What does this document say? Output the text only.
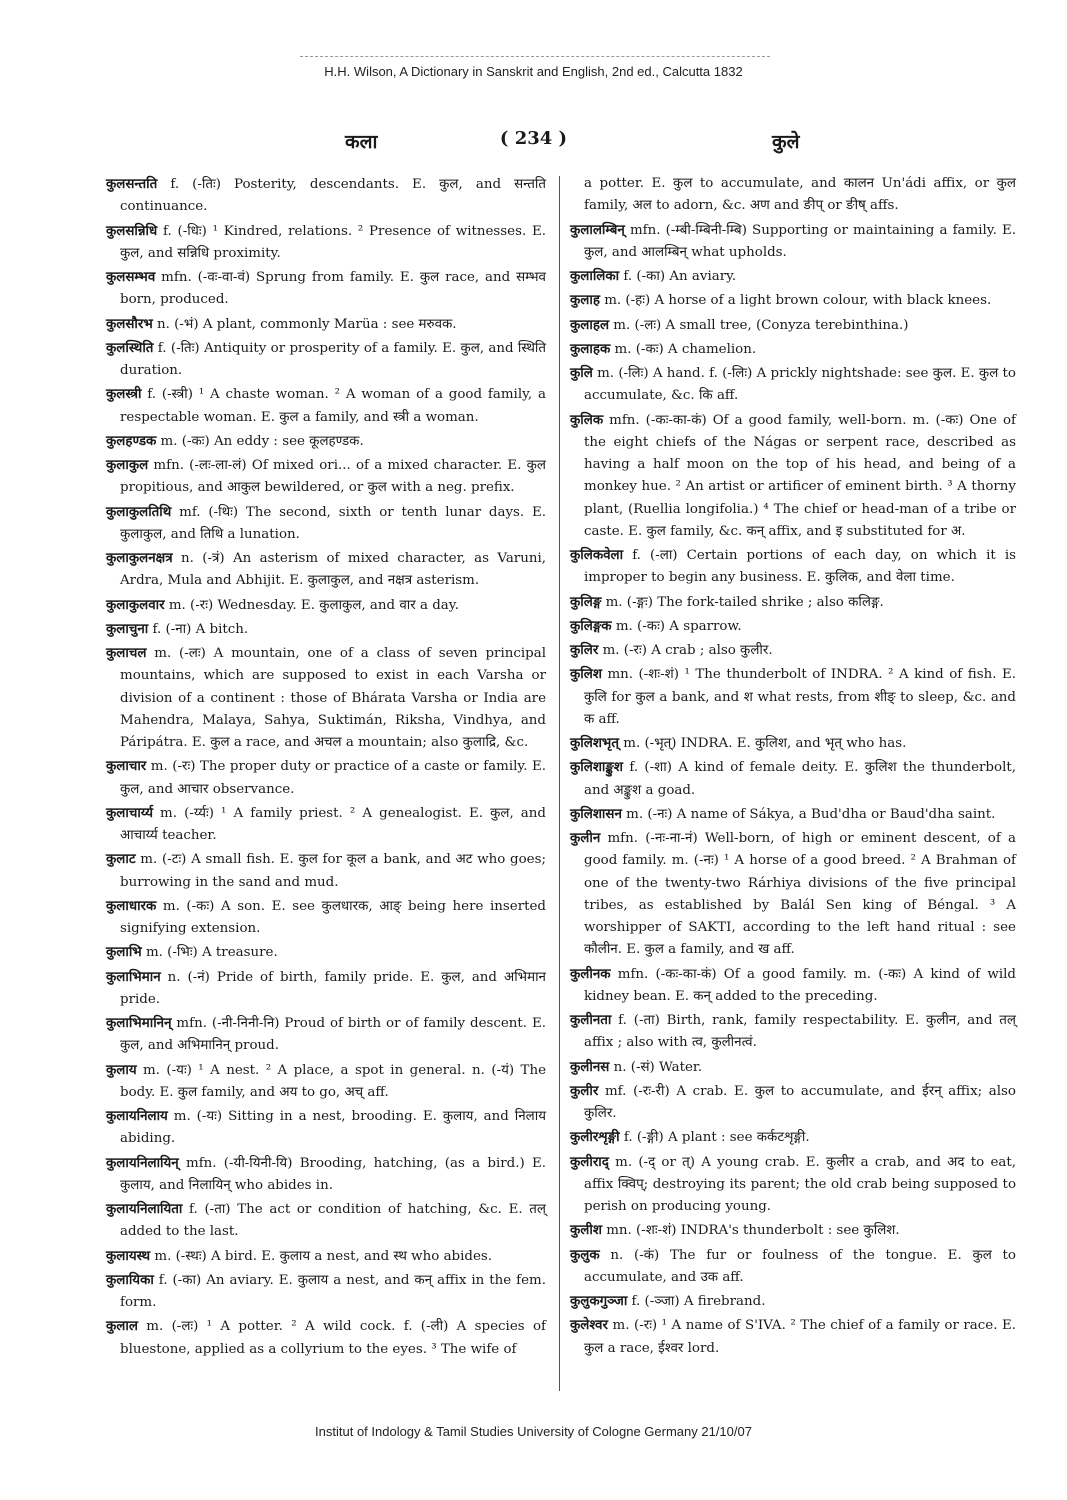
H.H. Wilson, A Dictionary in Sanskrit and English, 2nd ed., Calcutta 1832
कला	( 234 )	कुले

कुलसन्तति f. (-तिः) Posterity, descendants. E. कुल, and सन्तति continuance.

कुलसन्निधि f. (-धिः) ¹ Kindred, relations. ² Presence of witnesses. E. कुल, and सन्निधि proximity.

कुलसम्भव mfn. (-वः-वा-वं) Sprung from family. E. कुल race, and सम्भव born, produced.

कुलसौरभ n. (-भं) A plant, commonly Marüa : see मरुवक.

कुलस्थिति f. (-तिः) Antiquity or prosperity of a family. E. कुल, and स्थिति duration.

कुलस्त्री f. (-स्त्री) ¹ A chaste woman. ² A woman of a good family, a respectable woman. E. कुल a family, and स्त्री a woman.

कुलहण्डक m. (-कः) An eddy : see कूलहण्डक.

कुलाकुल mfn. (-लः-ला-लं) Of mixed ori... of a mixed character. E. कुल propitious, and आकुल bewildered, or कुल with a neg. prefix.

कुलाकुलतिथि mf. (-थिः) The second, sixth or tenth lunar days. E. कुलाकुल, and तिथि a lunation.

कुलाकुलनक्षत्र n. (-त्रं) An asterism of mixed character, as Varuni, Ardra, Mula and Abhijit. E. कुलाकुल, and नक्षत्र asterism.

कुलाकुलवार m. (-रः) Wednesday. E. कुलाकुल, and वार a day.

कुलाचुना f. (-ना) A bitch.

कुलाचल m. (-लः) A mountain, one of a class of seven principal mountains, which are supposed to exist in each Varsha or division of a continent : those of Bhárata Varsha or India are Mahendra, Malaya, Sahya, Suktimán, Riksha, Vindhya, and Páripátra. E. कुल a race, and अचल a mountain; also कुलाद्रि, &c.

कुलाचार m. (-रः) The proper duty or practice of a caste or family. E. कुल, and आचार observance.

कुलाचार्य्य m. (-र्य्यः) ¹ A family priest. ² A genealogist. E. कुल, and आचार्य्य teacher.

कुलाट m. (-टः) A small fish. E. कुल for कूल a bank, and अट who goes; burrowing in the sand and mud.

कुलाधारक m. (-कः) A son. E. see कुलधारक, आङ् being here inserted signifying extension.

कुलाभि m. (-भिः) A treasure.

कुलाभिमान n. (-नं) Pride of birth, family pride. E. कुल, and अभिमान pride.

कुलाभिमानिन् mfn. (-नी-निनी-नि) Proud of birth or of family descent. E. कुल, and अभिमानिन् proud.

कुलाय m. (-यः) ¹ A nest. ² A place, a spot in general. n. (-यं) The body. E. कुल family, and अय to go, अच् aff.

कुलायनिलाय m. (-यः) Sitting in a nest, brooding. E. कुलाय, and निलाय abiding.

कुलायनिलायिन् mfn. (-यी-यिनी-यि) Brooding, hatching, (as a bird.) E. कुलाय, and निलायिन् who abides in.

कुलायनिलायिता f. (-ता) The act or condition of hatching, &c. E. तल् added to the last.

कुलायस्थ m. (-स्थः) A bird. E. कुलाय a nest, and स्थ who abides.

कुलायिका f. (-का) An aviary. E. कुलाय a nest, and कन् affix in the fem. form.

कुलाल m. (-लः) ¹ A potter. ² A wild cock. f. (-ली) A species of bluestone, applied as a collyrium to the eyes. ³ The wife of

a potter. E. कुल to accumulate, and कालन Un'ádi affix, or कुल family, अल to adorn, &c. अण and ङीप् or ङीष् affs.

कुलालम्बिन् mfn. (-म्बी-म्बिनी-म्बि) Supporting or maintaining a family. E. कुल, and आलम्बिन् what upholds.

कुलालिका f. (-का) An aviary.

कुलाह m. (-हः) A horse of a light brown colour, with black knees.

कुलाहल m. (-लः) A small tree, (Conyza terebinthina.)

कुलाहक m. (-कः) A chamelion.

कुलि m. (-लिः) A hand. f. (-लिः) A prickly nightshade: see कुल. E. कुल to accumulate, &c. कि aff.

कुलिक mfn. (-कः-का-कं) Of a good family, well-born. m. (-कः) One of the eight chiefs of the Nágas or serpent race, described as having a half moon on the top of his head, and being of a monkey hue. ² An artist or artificer of eminent birth. ³ A thorny plant, (Ruellia longifolia.) ⁴ The chief or head-man of a tribe or caste. E. कुल family, &c. कन् affix, and इ substituted for अ.

कुलिकवेला f. (-ला) Certain portions of each day, on which it is improper to begin any business. E. कुलिक, and वेला time.

कुलिङ्ग m. (-ङ्गः) The fork-tailed shrike ; also कलिङ्ग.

कुलिङ्गक m. (-कः) A sparrow.

कुलिर m. (-रः) A crab ; also कुलीर.

कुलिश mn. (-शः-शं) ¹ The thunderbolt of INDRA. ² A kind of fish. E. कुलि for कुल a bank, and श what rests, from शीङ् to sleep, &c. and क aff.

कुलिशभृत् m. (-भृत्) INDRA. E. कुलिश, and भृत् who has.

कुलिशाङ्कुश f. (-शा) A kind of female deity. E. कुलिश the thunderbolt, and अङ्कुश a goad.

कुलिशासन m. (-नः) A name of Sákya, a Bud'dha or Baud'dha saint.

कुलीन mfn. (-नः-ना-नं) Well-born, of high or eminent descent, of a good family. m. (-नः) ¹ A horse of a good breed. ² A Brahman of one of the twenty-two Rárhiya divisions of the five principal tribes, as established by Balál Sen king of Béngal. ³ A worshipper of SAKTI, according to the left hand ritual : see कौलीन. E. कुल a family, and ख aff.

कुलीनक mfn. (-कः-का-कं) Of a good family. m. (-कः) A kind of wild kidney bean. E. कन् added to the preceding.

कुलीनता f. (-ता) Birth, rank, family respectability. E. कुलीन, and तल् affix ; also with त्व, कुलीनत्वं.

कुलीनस n. (-सं) Water.

कुलीर mf. (-रः-री) A crab. E. कुल to accumulate, and ईरन् affix; also कुलिर.

कुलीरशृङ्गी f. (-ङ्गी) A plant : see कर्कटशृङ्गी.

कुलीराद् m. (-द् or त्) A young crab. E. कुलीर a crab, and अद to eat, affix क्विप्; destroying its parent; the old crab being supposed to perish on producing young.

कुलीश mn. (-शः-शं) INDRA's thunderbolt : see कुलिश.

कुलुक n. (-कं) The fur or foulness of the tongue. E. कुल to accumulate, and उक aff.

कुलुकगुञ्जा f. (-ञ्जा) A firebrand.

कुलेश्वर m. (-रः) ¹ A name of S'IVA. ² The chief of a family or race. E. कुल a race, ईश्वर lord.

Institut of Indology & Tamil Studies University of Cologne Germany 21/10/07
